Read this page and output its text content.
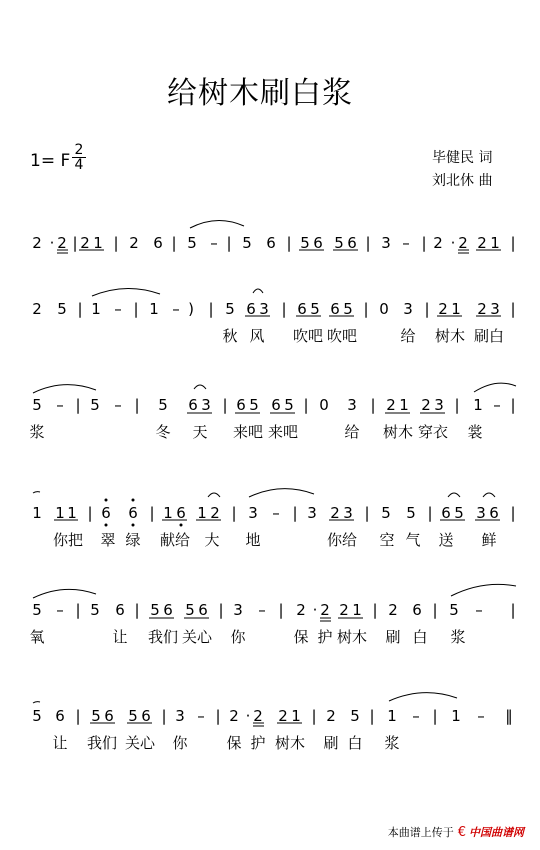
给树木刷白浆
1= F $\frac{2}{4}$	毕健民 词
刘北休 曲
2 · 2 | 2 1 | 2 6 | 5 – | 5 6 | 5 6 5 6 | 3 – | 2 · 2 2 1 |
2 5 | 1 – | 1 – ) | 5 6 3 | 6 5 6 5 | 0 3 | 2 1 2 3 |
秋 风 吹吧 吹吧	给 树木 刷白
5 – | 5 – | 5 6 3 | 6 5 6 5 | 0 3 | 2 1 2 3 | 1 – |
浆	冬 天 来吧 来吧	给 树木 穿衣 裳
1 1 1 | 6 6 | 1 6 1 2 | 3 – | 3 2 3 | 5 5 | 6 5 3 6 |
你把 翠 绿 献给 大 地	你给 空 气 送 鲜
5 – | 5 6 | 5 6 5 6 | 3 – | 2 · 2 2 1 | 2 6 | 5 – |
氧	让 我们 关心 你	保 护 树木 刷 白 浆
5 6 | 5 6 5 6 | 3 – | 2 · 2 2 1 | 2 5 | 1 – | 1 – ‖
让 我们 关心 你	保 护 树木 刷 白 浆
本曲谱上传于 € 中国曲谱网
